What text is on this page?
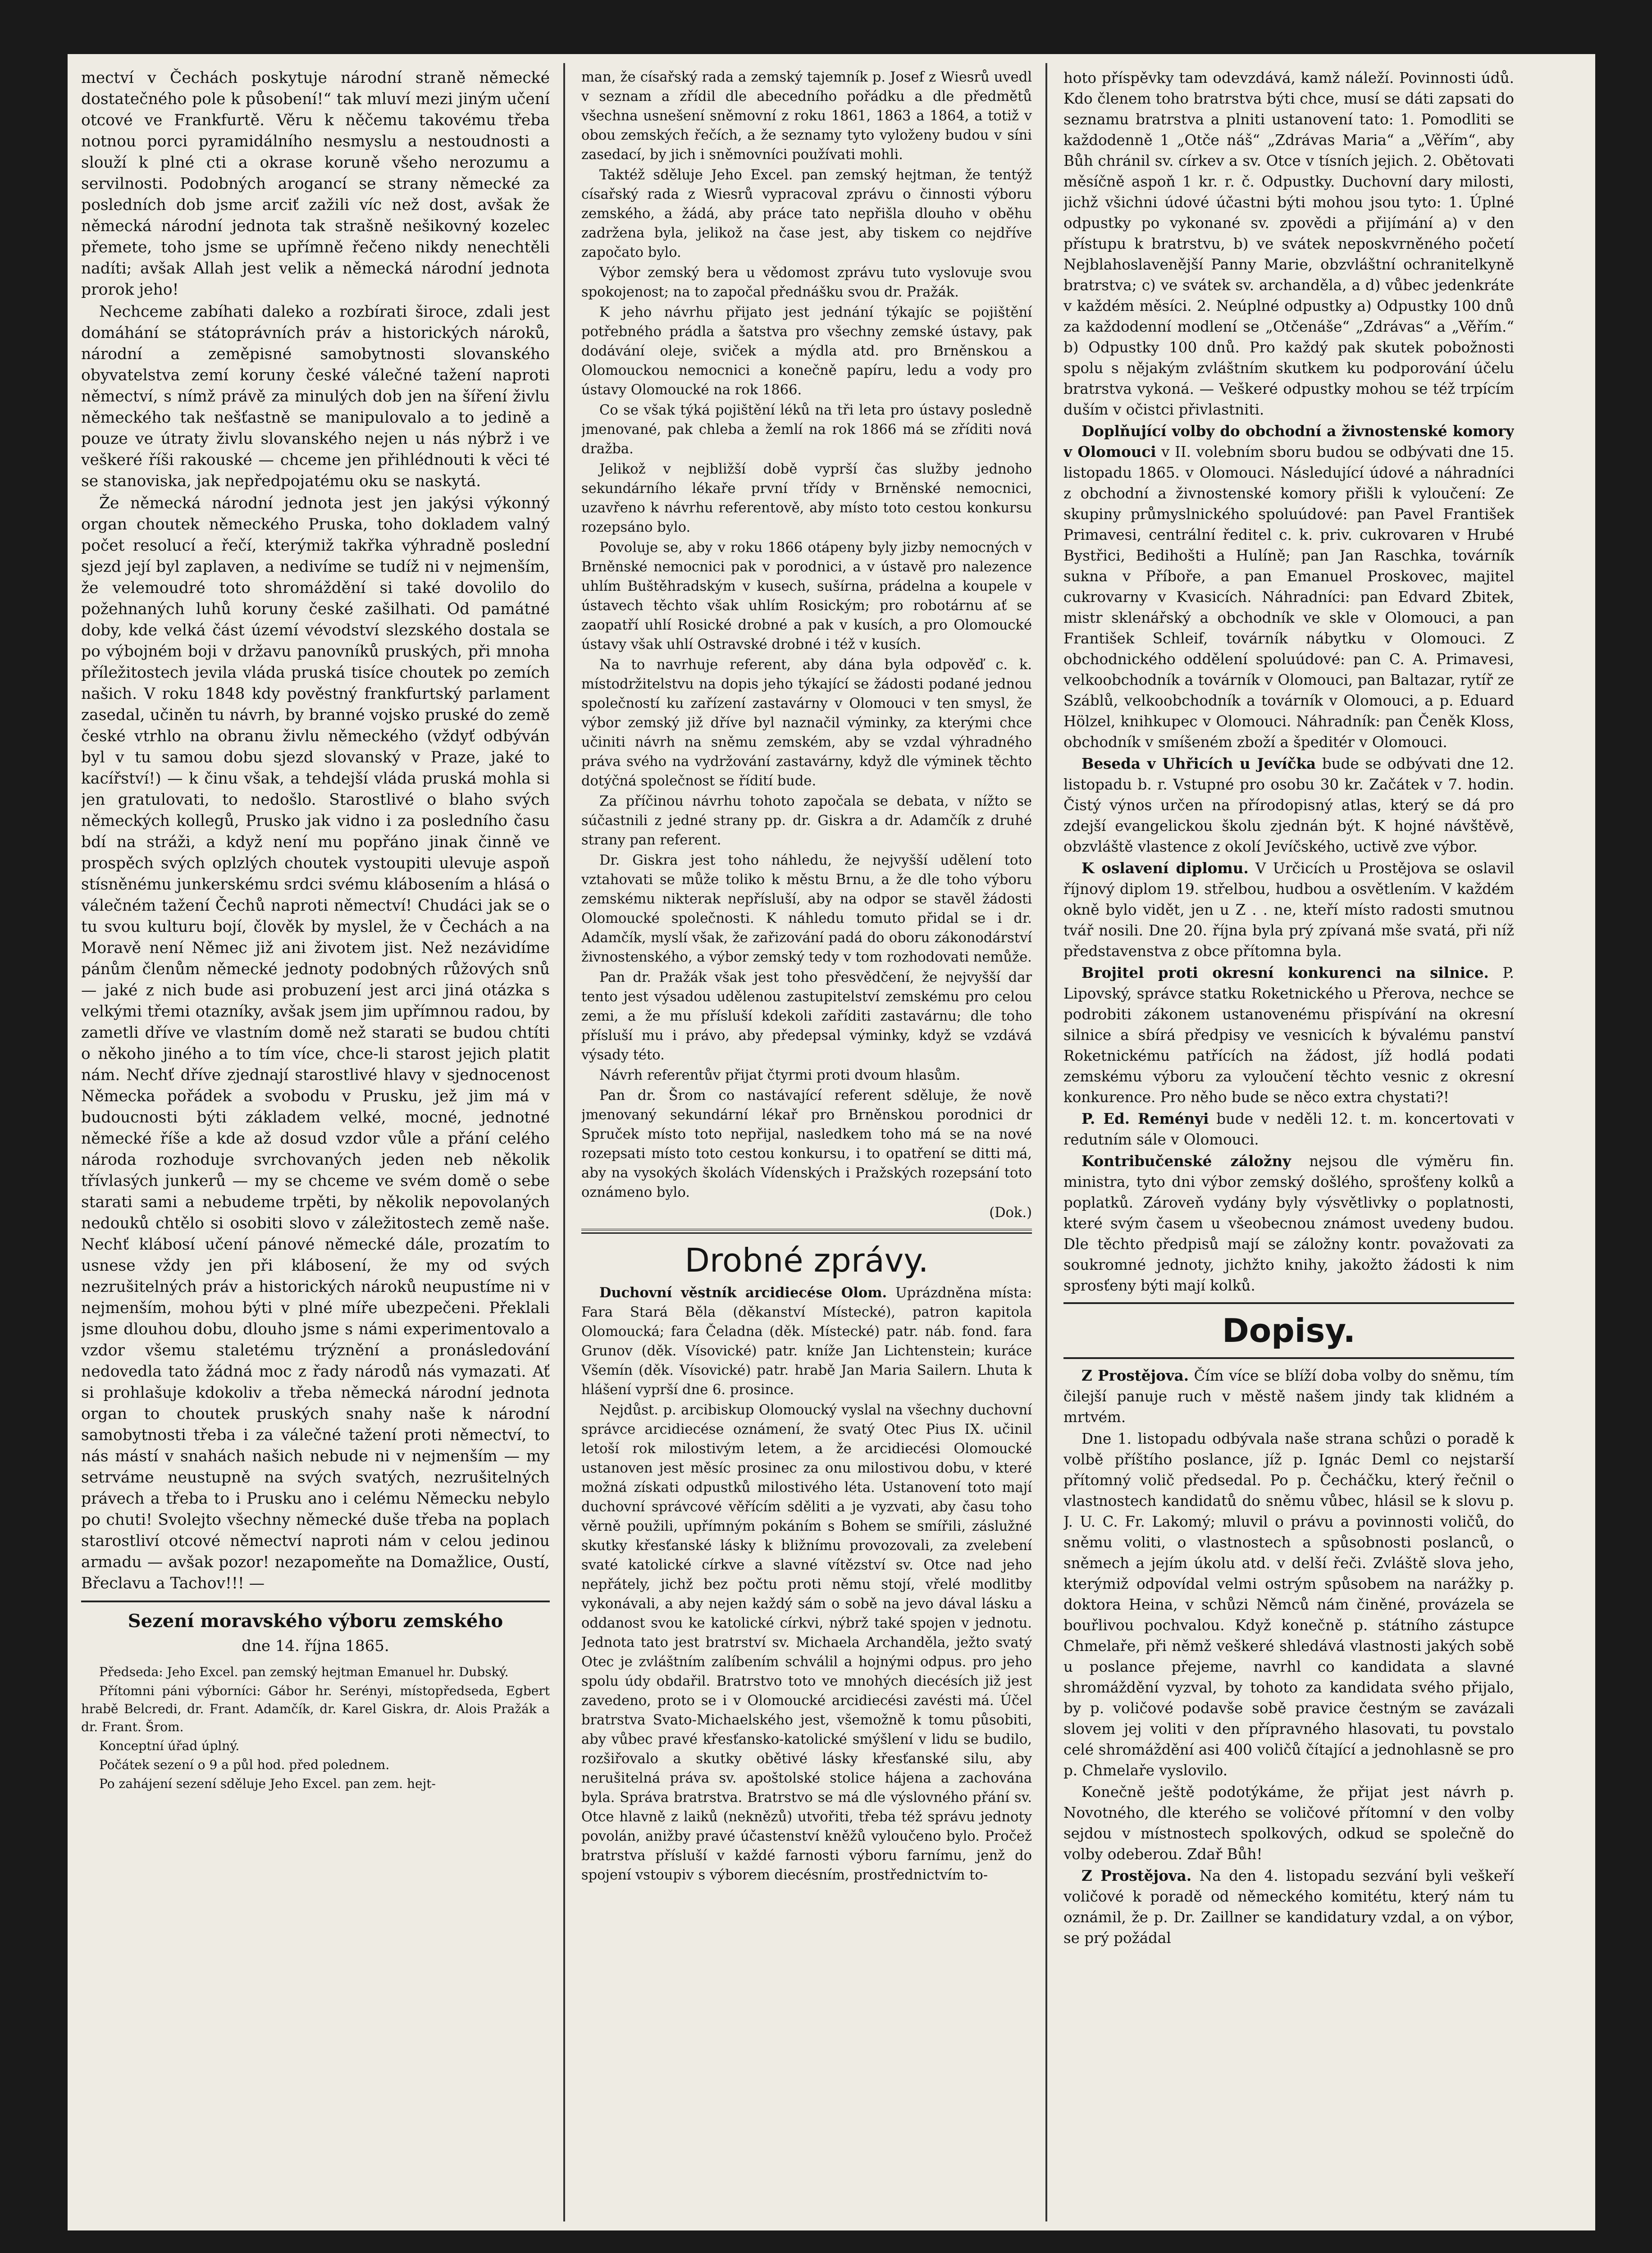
mectví v Čechách poskytuje národní straně německé dostatečného pole k působení!“ tak mluví mezi jiným učení otcové ve Frankfurtě. Věru k něčemu takovému třeba notnou porci pyramidálního nesmyslu a nestoudnosti a slouží k plné cti a okrase koruně všeho nerozumu a servilnosti. Podobných arogancí se strany německé za posledních dob jsme arciť zažili víc než dost, avšak že německá národní jednota tak strašně nešikovný kozelec přemete, toho jsme se upřímně řečeno nikdy nenechtěli nadíti; avšak Allah jest velik a německá národní jednota prorok jeho!

Nechceme zabíhati daleko a rozbírati široce, zdali jest domáhání se státoprávních práv a historických nároků, národní a zeměpisné samobytnosti slovanského obyvatelstva zemí koruny české válečné tažení naproti němectví, s nímž právě za minulých dob jen na šíření živlu německého tak nešťastně se manipulovalo a to jedině a pouze ve útraty živlu slovanského nejen u nás nýbrž i ve veškeré říši rakouské — chceme jen přihlédnouti k věci té se stanoviska, jak nepředpojatému oku se naskytá.

Že německá národní jednota jest jen jakýsi výkonný organ choutek německého Pruska, toho dokladem valný počet resolucí a řečí, kterýmiž takřka výhradně poslední sjezd její byl zaplaven, a nedivíme se tudíž ni v nejmenším, že velemoudré toto shromáždění si také dovolilo do požehnaných luhů koruny české zašilhati. Od památné doby, kde velká část území vévodství slezského dostala se po výbojném boji v državu panovníků pruských, při mnoha příležitostech jevila vláda pruská tisíce choutek po zemích našich. V roku 1848 kdy pověstný frankfurtský parlament zasedal, učiněn tu návrh, by branné vojsko pruské do země české vtrhlo na obranu živlu německého (vždyť odbýván byl v tu samou dobu sjezd slovanský v Praze, jaké to kacířství!) — k činu však, a tehdejší vláda pruská mohla si jen gratulovati, to nedošlo. Starostlivé o blaho svých německých kollegů, Prusko jak vidno i za posledního času bdí na stráži, a když není mu popřáno jinak činně ve prospěch svých oplzlých choutek vystoupiti ulevuje aspoň stísněnému junkerskému srdci svému klábosením a hlásá o válečném tažení Čechů naproti němectví! Chudáci jak se o tu svou kulturu bojí, člověk by myslel, že v Čechách a na Moravě není Němec již ani životem jist. Než nezávidíme pánům členům německé jednoty podobných růžových snů — jaké z nich bude asi probuzení jest arci jiná otázka s velkými třemi otazníky, avšak jsem jim upřímnou radou, by zametli dříve ve vlastním domě než starati se budou chtíti o někoho jiného a to tím více, chce-li starost jejich platit nám. Nechť dříve zjednají starostlivé hlavy v sjednocenost Německa pořádek a svobodu v Prusku, jež jim má v budoucnosti býti základem velké, mocné, jednotné německé říše a kde až dosud vzdor vůle a přání celého národa rozhoduje svrchovaných jeden neb několik třívlasých junkerů — my se chceme ve svém domě o sebe starati sami a nebudeme trpěti, by několik nepovolaných nedouků chtělo si osobiti slovo v záležitostech země naše. Nechť klábosí učení pánové německé dále, prozatím to usnese vždy jen při klábosení, že my od svých nezrušitelných práv a historických nároků neupustíme ni v nejmenším, mohou býti v plné míře ubezpečeni. Překlali jsme dlouhou dobu, dlouho jsme s námi experimentovalo a vzdor všemu staletému trýznění a pronásledování nedovedla tato žádná moc z řady národů nás vymazati. Ať si prohlašuje kdokoliv a třeba německá národní jednota organ to choutek pruských snahy naše k národní samobytnosti třeba i za válečné tažení proti němectví, to nás mástí v snahách našich nebude ni v nejmenším — my setrváme neustupně na svých svatých, nezrušitelných právech a třeba to i Prusku ano i celému Německu nebylo po chuti! Svolejto všechny německé duše třeba na poplach starostliví otcové němectví naproti nám v celou jedinou armadu — avšak pozor! nezapomeňte na Domažlice, Oustí, Břeclavu a Tachov!!! —

Sezení moravského výboru zemského
dne 14. října 1865.

Předseda: Jeho Excel. pan zemský hejtman Emanuel hr. Dubský.

Přítomni páni výborníci: Gábor hr. Serényi, místopředseda, Egbert hrabě Belcredi, dr. Frant. Adamčík, dr. Karel Giskra, dr. Alois Pražák a dr. Frant. Šrom.

Konceptní úřad úplný.

Počátek sezení o 9 a půl hod. před polednem.

Po zahájení sezení sděluje Jeho Excel. pan zem. hejt-

man, že císařský rada a zemský tajemník p. Josef z Wiesrů uvedl v seznam a zřídil dle abecedního pořádku a dle předmětů všechna usnešení sněmovní z roku 1861, 1863 a 1864, a totiž v obou zemských řečích, a že seznamy tyto vyloženy budou v síni zasedací, by jich i sněmovníci používati mohli.

Taktéž sděluje Jeho Excel. pan zemský hejtman, že tentýž císařský rada z Wiesrů vypracoval zprávu o činnosti výboru zemského, a žádá, aby práce tato nepřišla dlouho v oběhu zadržena byla, jelikož na čase jest, aby tiskem co nejdříve započato bylo.

Výbor zemský bera u vědomost zprávu tuto vyslovuje svou spokojenost; na to započal přednášku svou dr. Pražák.

K jeho návrhu přijato jest jednání týkajíc se pojištění potřebného prádla a šatstva pro všechny zemské ústavy, pak dodávání oleje, sviček a mýdla atd. pro Brněnskou a Olomouckou nemocnici a konečně papíru, ledu a vody pro ústavy Olomoucké na rok 1866.

Co se však týká pojištění léků na tři leta pro ústavy posledně jmenované, pak chleba a žemlí na rok 1866 má se zříditi nová dražba.

Jelikož v nejbližší době vyprší čas služby jednoho sekundárního lékaře první třídy v Brněnské nemocnici, uzavřeno k návrhu referentově, aby místo toto cestou konkursu rozepsáno bylo.

Povoluje se, aby v roku 1866 otápeny byly jizby nemocných v Brněnské nemocnici pak v porodnici, a v ústavě pro nalezence uhlím Buštěhradským v kusech, sušírna, prádelna a koupele v ústavech těchto však uhlím Rosickým; pro robotárnu ať se zaopatří uhlí Rosické drobné a pak v kusích, a pro Olomoucké ústavy však uhlí Ostravské drobné i též v kusích.

Na to navrhuje referent, aby dána byla odpověď c. k. místodržitelstvu na dopis jeho týkající se žádosti podané jednou společností ku zařízení zastavárny v Olomouci v ten smysl, že výbor zemský již dříve byl naznačil výminky, za kterými chce učiniti návrh na sněmu zemském, aby se vzdal výhradného práva svého na vydržování zastavárny, když dle výminek těchto dotýčná společnost se řídití bude.

Za příčinou návrhu tohoto započala se debata, v nížto se súčastnili z jedné strany pp. dr. Giskra a dr. Adamčík z druhé strany pan referent.

Dr. Giskra jest toho náhledu, že nejvyšší udělení toto vztahovati se může toliko k městu Brnu, a že dle toho výboru zemskému nikterak nepřísluší, aby na odpor se stavěl žádosti Olomoucké společnosti. K náhledu tomuto přidal se i dr. Adamčík, myslí však, že zařizování padá do oboru zákonodárství živnostenského, a výbor zemský tedy v tom rozhodovati nemůže.

Pan dr. Pražák však jest toho přesvědčení, že nejvyšší dar tento jest výsadou udělenou zastupitelství zemskému pro celou zemi, a že mu přísluší kdekoli zaříditi zastavárnu; dle toho přísluší mu i právo, aby předepsal výminky, když se vzdává výsady této.

Návrh referentův přijat čtyrmi proti dvoum hlasům.

Pan dr. Šrom co nastávající referent sděluje, že nově jmenovaný sekundární lékař pro Brněnskou porodnici dr Spruček místo toto nepřijal, nasledkem toho má se na nové rozepsati místo toto cestou konkursu, i to opatření se ditti má, aby na vysokých školách Vídenských i Pražských rozepsání toto oznámeno bylo.

(Dok.)
Drobné zprávy.

Duchovní věstník arcidiecése Olom. Uprázdněna místa: Fara Stará Běla (děkanství Místecké), patron kapitola Olomoucká; fara Čeladna (děk. Místecké) patr. náb. fond. fara Grunov (děk. Vísovické) patr. kníže Jan Lichtenstein; kuráce Všemín (děk. Vísovické) patr. hrabě Jan Maria Sailern. Lhuta k hlášení vyprší dne 6. prosince.

Nejdůst. p. arcibiskup Olomoucký vyslal na všechny duchovní správce arcidiecése oznámení, že svatý Otec Pius IX. učinil letoší rok milostivým letem, a že arcidiecési Olomoucké ustanoven jest měsíc prosinec za onu milostivou dobu, v které možná získati odpustků milostivého léta. Ustanovení toto mají duchovní správcové věřícím sděliti a je vyzvati, aby času toho věrně použili, upřímným pokáním s Bohem se smířili, záslužné skutky křesťanské lásky k bližnímu provozovali, za zvelebení svaté katolické církve a slavné vítězství sv. Otce nad jeho nepřátely, jichž bez počtu proti němu stojí, vřelé modlitby vykonávali, a aby nejen každý sám o sobě na jevo dával lásku a oddanost svou ke katolické církvi, nýbrž také spojen v jednotu. Jednota tato jest bratrství sv. Michaela Archanděla, ježto svatý Otec je zvláštním zalíbením schválil a hojnými odpus. pro jeho spolu údy obdařil. Bratrstvo toto ve mnohých diecésích již jest zavedeno, proto se i v Olomoucké arcidiecési zavésti má. Účel bratrstva Svato-Michaelského jest, všemožně k tomu působiti, aby vůbec pravé křesťansko-katolické smýšlení v lidu se budilo, rozšiřovalo a skutky obětivé lásky křesťanské silu, aby nerušitelná práva sv. apoštolské stolice hájena a zachována byla. Správa bratrstva. Bratrstvo se má dle výslovného přání sv. Otce hlavně z laiků (neknězů) utvořiti, třeba též správu jednoty povolán, anižby pravé účastenství kněžů vyloučeno bylo. Pročež bratrstva přísluší v každé farnosti výboru farnímu, jenž do spojení vstoupiv s výborem diecésním, prostřednictvím to-

hoto příspěvky tam odevzdává, kamž náleží. Povinnosti údů. Kdo členem toho bratrstva býti chce, musí se dáti zapsati do seznamu bratrstva a plniti ustanovení tato: 1. Pomodliti se každodenně 1 „Otče náš“ „Zdrávas Maria“ a „Věřím“, aby Bůh chránil sv. církev a sv. Otce v tísních jejich. 2. Obětovati měsíčně aspoň 1 kr. r. č. Odpustky. Duchovní dary milosti, jichž všichni údové účastni býti mohou jsou tyto: 1. Úplné odpustky po vykonané sv. zpovědi a přijímání a) v den přístupu k bratrstvu, b) ve svátek neposkvrněného početí Nejblahoslavenější Panny Marie, obzvláštní ochranitelkyně bratrstva; c) ve svátek sv. archanděla, a d) vůbec jedenkráte v každém měsíci. 2. Neúplné odpustky a) Odpustky 100 dnů za každodenní modlení se „Otčenáše“ „Zdrávas“ a „Věřím.“ b) Odpustky 100 dnů. Pro každý pak skutek pobožnosti spolu s nějakým zvláštním skutkem ku podporování účelu bratrstva vykoná. — Veškeré odpustky mohou se též trpícím duším v očistci přivlastniti.

Doplňující volby do obchodní a živnostenské komory v Olomouci v II. volebním sboru budou se odbývati dne 15. listopadu 1865. v Olomouci. Následující údové a náhradníci z obchodní a živnostenské komory přišli k vyloučení: Ze skupiny průmyslnického spoluúdové: pan Pavel František Primavesi, centrální ředitel c. k. priv. cukrovaren v Hrubé Bystřici, Bedihošti a Hulíně; pan Jan Raschka, továrník sukna v Příboře, a pan Emanuel Proskovec, majitel cukrovarny v Kvasicích. Náhradníci: pan Edvard Zbitek, mistr sklenářský a obchodník ve skle v Olomouci, a pan František Schleif, továrník nábytku v Olomouci. Z obchodnického oddělení spoluúdové: pan C. A. Primavesi, velkoobchodník a továrník v Olomouci, pan Baltazar, rytíř ze Száblů, velkoobchodník a továrník v Olomouci, a p. Eduard Hölzel, knihkupec v Olomouci. Náhradník: pan Čeněk Kloss, obchodník v smíšeném zboží a špeditér v Olomouci.

Beseda v Uhřicích u Jevíčka bude se odbývati dne 12. listopadu b. r. Vstupné pro osobu 30 kr. Začátek v 7. hodin. Čistý výnos určen na přírodopisný atlas, který se dá pro zdejší evangelickou školu zjednán být. K hojné návštěvě, obzvláště vlastence z okolí Jevíčského, uctivě zve výbor.

K oslavení diplomu. V Určicích u Prostějova se oslavil říjnový diplom 19. střelbou, hudbou a osvětlením. V každém okně bylo vidět, jen u Z . . ne, kteří místo radosti smutnou tvář nosili. Dne 20. října byla prý zpívaná mše svatá, při níž představenstva z obce přítomna byla.

Brojitel proti okresní konkurenci na silnice. P. Lipovský, správce statku Roketnického u Přerova, nechce se podrobiti zákonem ustanovenému přispívání na okresní silnice a sbírá předpisy ve vesnicích k bývalému panství Roketnickému patřících na žádost, jíž hodlá podati zemskému výboru za vyloučení těchto vesnic z okresní konkurence. Pro něho bude se něco extra chystati?!

P. Ed. Reményi bude v neděli 12. t. m. koncertovati v redutním sále v Olomouci.

Kontribučenské záložny nejsou dle výměru fin. ministra, tyto dni výbor zemský došlého, sprošťeny kolků a poplatků. Zároveň vydány byly výsvětlivky o poplatnosti, které svým časem u všeobecnou známost uvedeny budou. Dle těchto předpisů mají se záložny kontr. považovati za soukromné jednoty, jichžto knihy, jakožto žádosti k nim sprosťeny býti mají kolků.

Dopisy.

Z Prostějova. Čím více se blíží doba volby do sněmu, tím čilejší panuje ruch v městě našem jindy tak klidném a mrtvém.

Dne 1. listopadu odbývala naše strana schůzi o poradě k volbě příštího poslance, jíž p. Ignác Deml co nejstarší přítomný volič předsedal. Po p. Čecháčku, který řečnil o vlastnostech kandidatů do sněmu vůbec, hlásil se k slovu p. J. U. C. Fr. Lakomý; mluvil o právu a povinnosti voličů, do sněmu voliti, o vlastnostech a spůsobnosti poslanců, o sněmech a jejím úkolu atd. v delší řeči. Zvláště slova jeho, kterýmiž odpovídal velmi ostrým spůsobem na narážky p. doktora Heina, v schůzi Němců nám činěné, provázela se bouřlivou pochvalou. Když konečně p. státního zástupce Chmelaře, při němž veškeré shledává vlastnosti jakých sobě u poslance přejeme, navrhl co kandidata a slavné shromáždění vyzval, by tohoto za kandidata svého přijalo, by p. voličové podavše sobě pravice čestným se zavázali slovem jej voliti v den přípravného hlasovati, tu povstalo celé shromáždění asi 400 voličů čítající a jednohlasně se pro p. Chmelaře vyslovilo.

Konečně ještě podotýkáme, že přijat jest návrh p. Novotného, dle kterého se voličové přítomní v den volby sejdou v místnostech spolkových, odkud se společně do volby odeberou. Zdař Bůh!

Z Prostějova. Na den 4. listopadu sezvání byli veškeří voličové k poradě od německého komitétu, který nám tu oznámil, že p. Dr. Zaillner se kandidatury vzdal, a on výbor, se prý požádal
